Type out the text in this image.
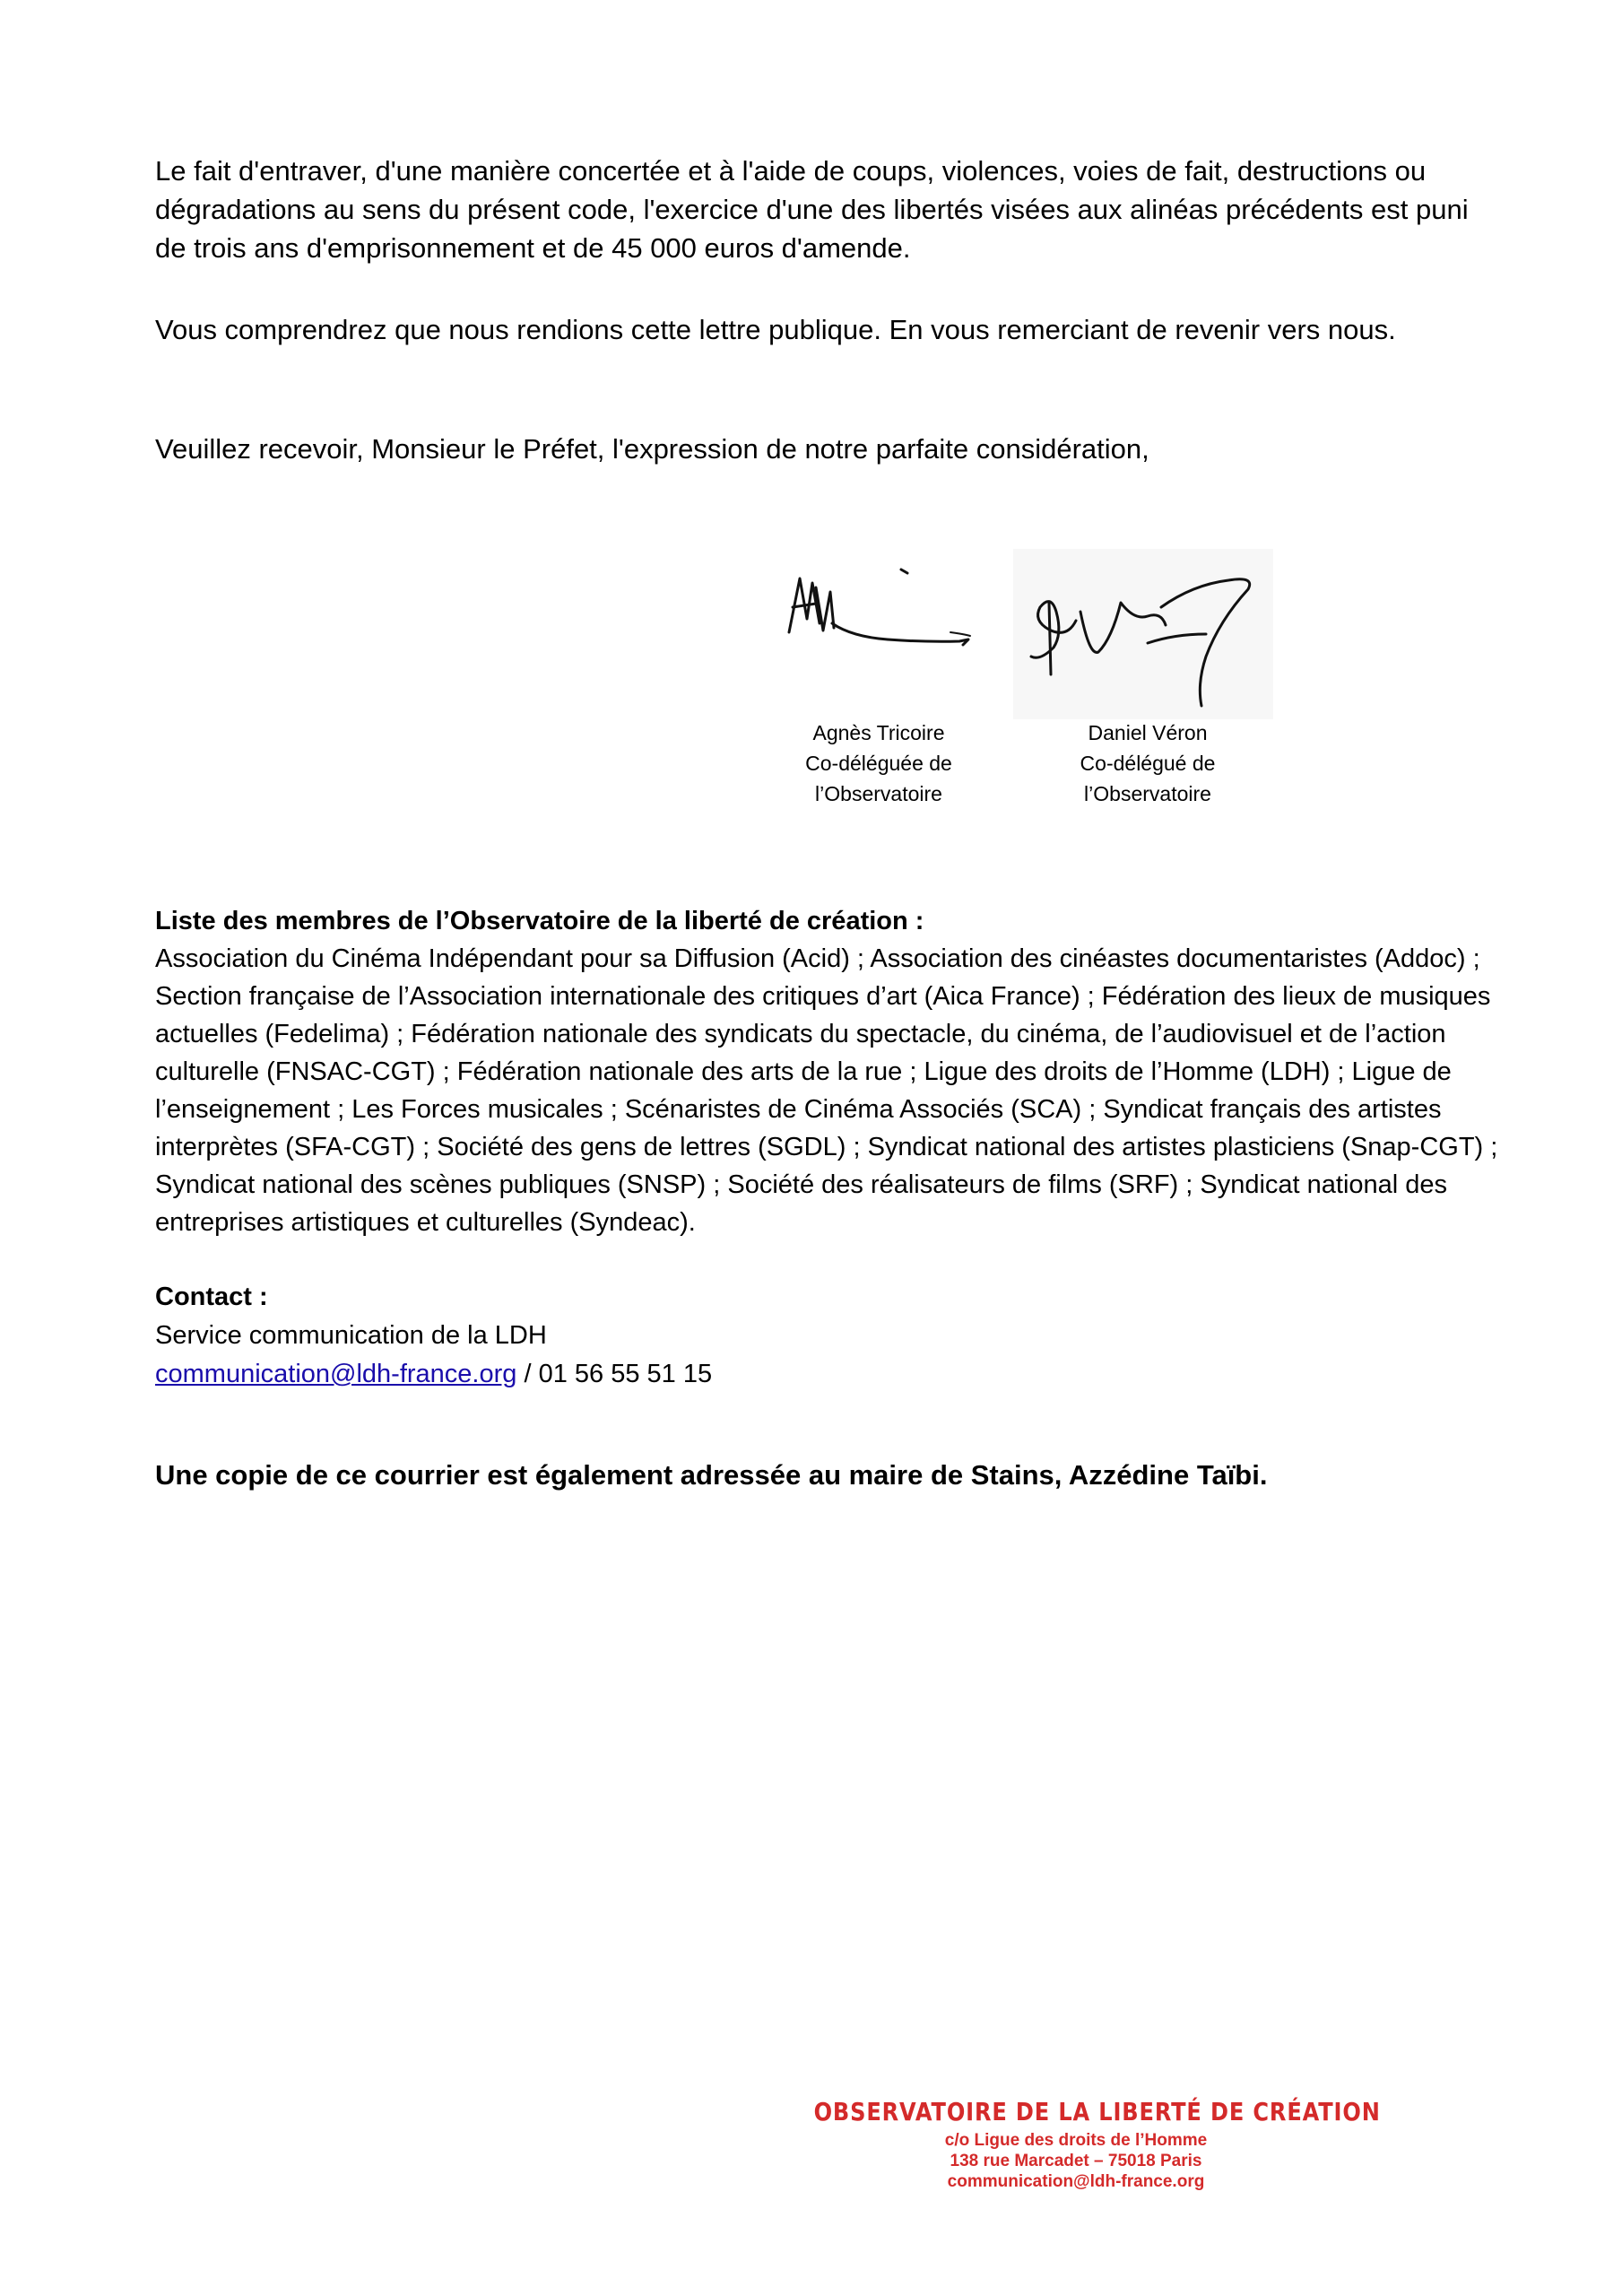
Le fait d'entraver, d'une manière concertée et à l'aide de coups, violences, voies de fait, destructions ou dégradations au sens du présent code, l'exercice d'une des libertés visées aux alinéas précédents est puni de trois ans d'emprisonnement et de 45 000 euros d'amende.

Vous comprendrez que nous rendions cette lettre publique. En vous remerciant de revenir vers nous.

Veuillez recevoir, Monsieur le Préfet, l'expression de notre parfaite considération,

Agnès Tricoire
Co-déléguée de
l’Observatoire
Daniel Véron
Co-délégué de
l’Observatoire
Liste des membres de l’Observatoire de la liberté de création :
Association du Cinéma Indépendant pour sa Diffusion (Acid) ; Association des cinéastes documentaristes (Addoc) ; Section française de l’Association internationale des critiques d’art (Aica France) ; Fédération des lieux de musiques actuelles (Fedelima) ; Fédération nationale des syndicats du spectacle, du cinéma, de l’audiovisuel et de l’action culturelle (FNSAC-CGT) ; Fédération nationale des arts de la rue ; Ligue des droits de l’Homme (LDH) ; Ligue de l’enseignement ; Les Forces musicales ; Scénaristes de Cinéma Associés (SCA) ; Syndicat français des artistes interprètes (SFA-CGT) ; Société des gens de lettres (SGDL) ; Syndicat national des artistes plasticiens (Snap-CGT) ; Syndicat national des scènes publiques (SNSP) ; Société des réalisateurs de films (SRF) ; Syndicat national des entreprises artistiques et culturelles (Syndeac).
Contact :
Service communication de la LDH
communication@ldh-france.org / 01 56 55 51 15
Une copie de ce courrier est également adressée au maire de Stains, Azzédine Taïbi.
OBSERVATOIRE DE LA LIBERTÉ DE CRÉATION
c/o Ligue des droits de l’Homme
138 rue Marcadet – 75018 Paris
communication@ldh-france.org
